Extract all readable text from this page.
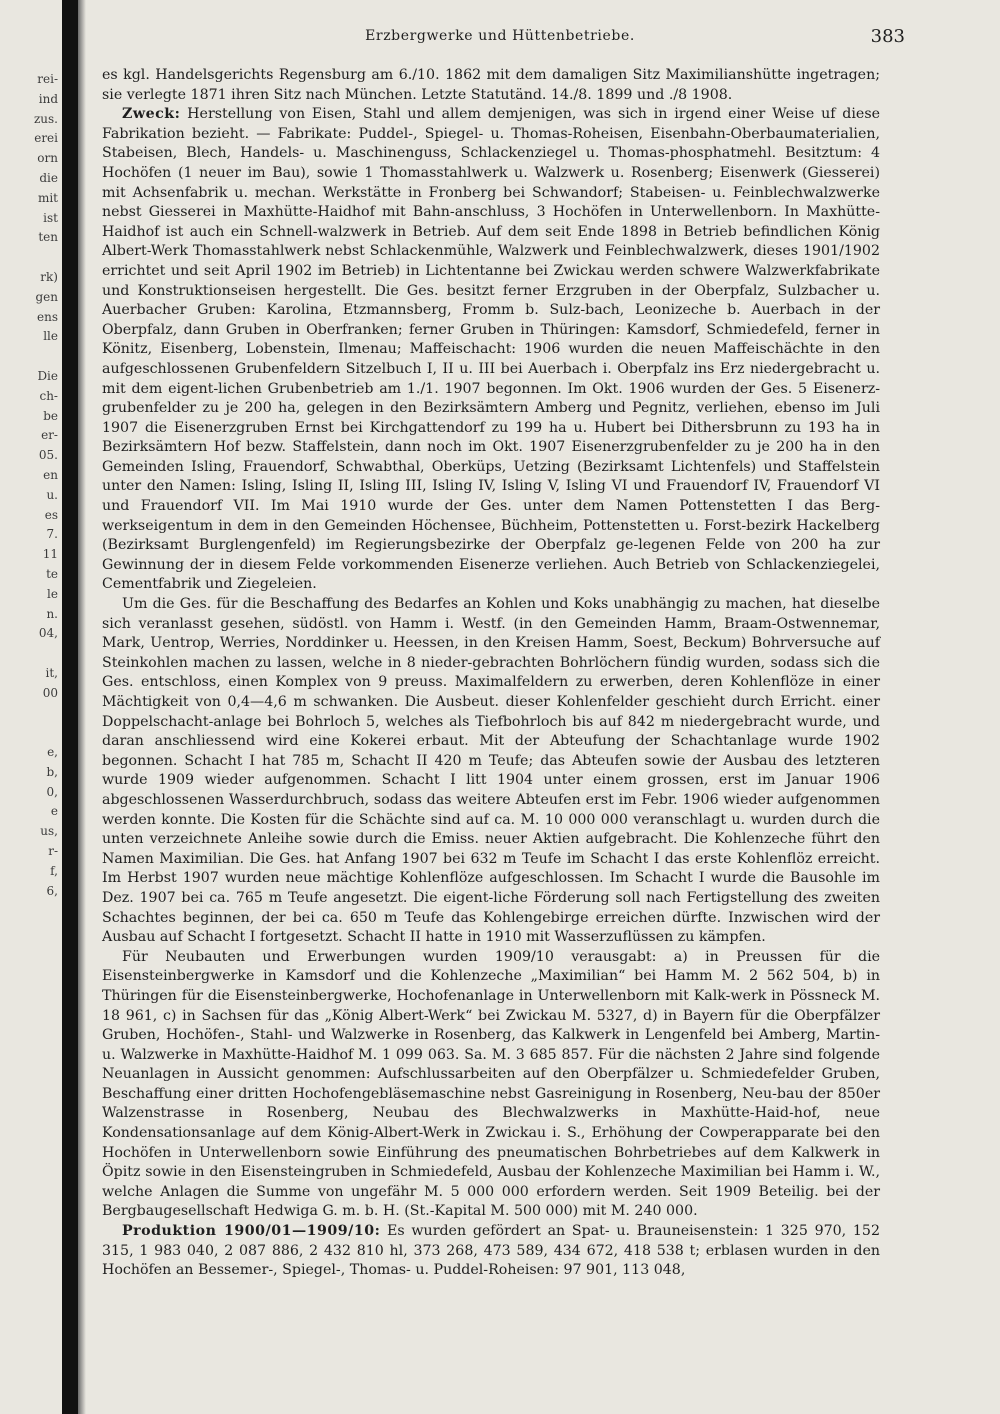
rei-
ind
zus.
erei
orn
die
mit
ist
ten
rk)
gen
ens
lle
Die
ch-
be
er-
05.
en
u.
es
7.
11
te
le
n.
04,
it,
00
e,
b,
0,
e
us,
r-
f,
6,
Erzbergwerke und Hüttenbetriebe.	383

es kgl. Handelsgerichts Regensburg am 6./10. 1862 mit dem damaligen Sitz Maximilianshütte ingetragen; sie verlegte 1871 ihren Sitz nach München. Letzte Statutänd. 14./8. 1899 und ./8 1908.

Zweck: Herstellung von Eisen, Stahl und allem demjenigen, was sich in irgend einer Weise uf diese Fabrikation bezieht. — Fabrikate: Puddel-, Spiegel- u. Thomas-Roheisen, Eisenbahn-Oberbaumaterialien, Stabeisen, Blech, Handels- u. Maschinenguss, Schlackenziegel u. Thomas-phosphatmehl. Besitztum: 4 Hochöfen (1 neuer im Bau), sowie 1 Thomasstahlwerk u. Walzwerk u. Rosenberg; Eisenwerk (Giesserei) mit Achsenfabrik u. mechan. Werkstätte in Fronberg bei Schwandorf; Stabeisen- u. Feinblechwalzwerke nebst Giesserei in Maxhütte-Haidhof mit Bahn-anschluss, 3 Hochöfen in Unterwellenborn. In Maxhütte-Haidhof ist auch ein Schnell-walzwerk in Betrieb. Auf dem seit Ende 1898 in Betrieb befindlichen König Albert-Werk Thomasstahlwerk nebst Schlackenmühle, Walzwerk und Feinblechwalzwerk, dieses 1901/1902 errichtet und seit April 1902 im Betrieb) in Lichtentanne bei Zwickau werden schwere Walzwerkfabrikate und Konstruktionseisen hergestellt. Die Ges. besitzt ferner Erzgruben in der Oberpfalz, Sulzbacher u. Auerbacher Gruben: Karolina, Etzmannsberg, Fromm b. Sulz-bach, Leonizeche b. Auerbach in der Oberpfalz, dann Gruben in Oberfranken; ferner Gruben in Thüringen: Kamsdorf, Schmiedefeld, ferner in Könitz, Eisenberg, Lobenstein, Ilmenau; Maffeischacht: 1906 wurden die neuen Maffeischächte in den aufgeschlossenen Grubenfeldern Sitzelbuch I, II u. III bei Auerbach i. Oberpfalz ins Erz niedergebracht u. mit dem eigent-lichen Grubenbetrieb am 1./1. 1907 begonnen. Im Okt. 1906 wurden der Ges. 5 Eisenerz-grubenfelder zu je 200 ha, gelegen in den Bezirksämtern Amberg und Pegnitz, verliehen, ebenso im Juli 1907 die Eisenerzgruben Ernst bei Kirchgattendorf zu 199 ha u. Hubert bei Dithersbrunn zu 193 ha in Bezirksämtern Hof bezw. Staffelstein, dann noch im Okt. 1907 Eisenerzgrubenfelder zu je 200 ha in den Gemeinden Isling, Frauendorf, Schwabthal, Oberküps, Uetzing (Bezirksamt Lichtenfels) und Staffelstein unter den Namen: Isling, Isling II, Isling III, Isling IV, Isling V, Isling VI und Frauendorf IV, Frauendorf VI und Frauendorf VII. Im Mai 1910 wurde der Ges. unter dem Namen Pottenstetten I das Berg-werkseigentum in dem in den Gemeinden Höchensee, Büchheim, Pottenstetten u. Forst-bezirk Hackelberg (Bezirksamt Burglengenfeld) im Regierungsbezirke der Oberpfalz ge-legenen Felde von 200 ha zur Gewinnung der in diesem Felde vorkommenden Eisenerze verliehen. Auch Betrieb von Schlackenziegelei, Cementfabrik und Ziegeleien.

Um die Ges. für die Beschaffung des Bedarfes an Kohlen und Koks unabhängig zu machen, hat dieselbe sich veranlasst gesehen, südöstl. von Hamm i. Westf. (in den Gemeinden Hamm, Braam-Ostwennemar, Mark, Uentrop, Werries, Norddinker u. Heessen, in den Kreisen Hamm, Soest, Beckum) Bohrversuche auf Steinkohlen machen zu lassen, welche in 8 nieder-gebrachten Bohrlöchern fündig wurden, sodass sich die Ges. entschloss, einen Komplex von 9 preuss. Maximalfeldern zu erwerben, deren Kohlenflöze in einer Mächtigkeit von 0,4—4,6 m schwanken. Die Ausbeut. dieser Kohlenfelder geschieht durch Erricht. einer Doppelschacht-anlage bei Bohrloch 5, welches als Tiefbohrloch bis auf 842 m niedergebracht wurde, und daran anschliessend wird eine Kokerei erbaut. Mit der Abteufung der Schachtanlage wurde 1902 begonnen. Schacht I hat 785 m, Schacht II 420 m Teufe; das Abteufen sowie der Ausbau des letzteren wurde 1909 wieder aufgenommen. Schacht I litt 1904 unter einem grossen, erst im Januar 1906 abgeschlossenen Wasserdurchbruch, sodass das weitere Abteufen erst im Febr. 1906 wieder aufgenommen werden konnte. Die Kosten für die Schächte sind auf ca. M. 10 000 000 veranschlagt u. wurden durch die unten verzeichnete Anleihe sowie durch die Emiss. neuer Aktien aufgebracht. Die Kohlenzeche führt den Namen Maximilian. Die Ges. hat Anfang 1907 bei 632 m Teufe im Schacht I das erste Kohlenflöz erreicht. Im Herbst 1907 wurden neue mächtige Kohlenflöze aufgeschlossen. Im Schacht I wurde die Bausohle im Dez. 1907 bei ca. 765 m Teufe angesetzt. Die eigent-liche Förderung soll nach Fertigstellung des zweiten Schachtes beginnen, der bei ca. 650 m Teufe das Kohlengebirge erreichen dürfte. Inzwischen wird der Ausbau auf Schacht I fortgesetzt. Schacht II hatte in 1910 mit Wasserzuflüssen zu kämpfen.

Für Neubauten und Erwerbungen wurden 1909/10 verausgabt: a) in Preussen für die Eisensteinbergwerke in Kamsdorf und die Kohlenzeche „Maximilian“ bei Hamm M. 2 562 504, b) in Thüringen für die Eisensteinbergwerke, Hochofenanlage in Unterwellenborn mit Kalk-werk in Pössneck M. 18 961, c) in Sachsen für das „König Albert-Werk“ bei Zwickau M. 5327, d) in Bayern für die Oberpfälzer Gruben, Hochöfen-, Stahl- und Walzwerke in Rosenberg, das Kalkwerk in Lengenfeld bei Amberg, Martin- u. Walzwerke in Maxhütte-Haidhof M. 1 099 063. Sa. M. 3 685 857. Für die nächsten 2 Jahre sind folgende Neuanlagen in Aussicht genommen: Aufschlussarbeiten auf den Oberpfälzer u. Schmiedefelder Gruben, Beschaffung einer dritten Hochofengebläsemaschine nebst Gasreinigung in Rosenberg, Neu-bau der 850er Walzenstrasse in Rosenberg, Neubau des Blechwalzwerks in Maxhütte-Haid-hof, neue Kondensationsanlage auf dem König-Albert-Werk in Zwickau i. S., Erhöhung der Cowperapparate bei den Hochöfen in Unterwellenborn sowie Einführung des pneumatischen Bohrbetriebes auf dem Kalkwerk in Öpitz sowie in den Eisensteingruben in Schmiedefeld, Ausbau der Kohlenzeche Maximilian bei Hamm i. W., welche Anlagen die Summe von ungefähr M. 5 000 000 erfordern werden. Seit 1909 Beteilig. bei der Bergbaugesellschaft Hedwiga G. m. b. H. (St.-Kapital M. 500 000) mit M. 240 000.

Produktion 1900/01—1909/10: Es wurden gefördert an Spat- u. Brauneisenstein: 1 325 970, 152 315, 1 983 040, 2 087 886, 2 432 810 hl, 373 268, 473 589, 434 672, 418 538 t; erblasen wurden in den Hochöfen an Bessemer-, Spiegel-, Thomas- u. Puddel-Roheisen: 97 901, 113 048,
